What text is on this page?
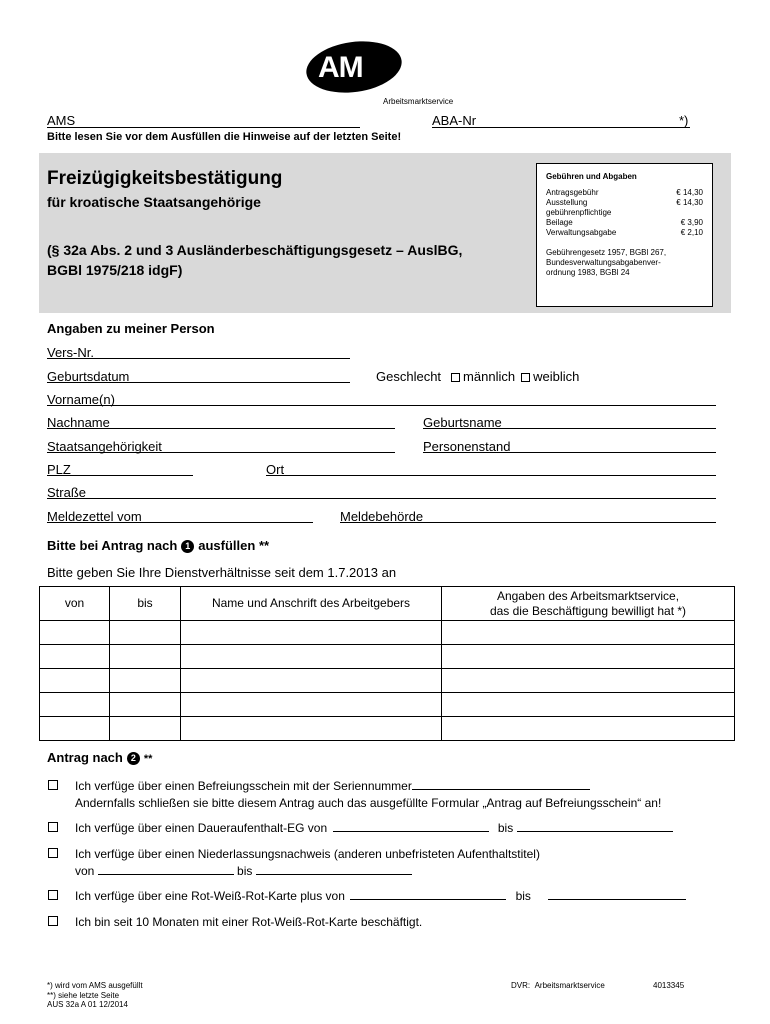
AMS
Arbeitsmarktservice
AMS	ABA-Nr	*)
Bitte lesen Sie vor dem Ausfüllen die Hinweise auf der letzten Seite!
Freizügigkeitsbestätigung
für kroatische Staatsangehörige
(§ 32a Abs. 2 und 3 Ausländerbeschäftigungsgesetz – AuslBG,
BGBl 1975/218 idgF)
Gebühren und Abgaben
Antragsgebühr	€ 14,30
Ausstellung	€ 14,30
gebührenpflichtige
Beilage	€ 3,90
Verwaltungsabgabe	€ 2,10
Gebührengesetz 1957, BGBl 267,
Bundesverwaltungsabgabenver-
ordnung 1983, BGBl 24
Angaben zu meiner Person
Vers-Nr.
Geburtsdatum	Geschlecht männlich weiblich
Vorname(n)
Nachname	Geburtsname
Staatsangehörigkeit	Personenstand
PLZ	Ort
Straße
Meldezettel vom	Meldebehörde
Bitte bei Antrag nach 1 ausfüllen **
Bitte geben Sie Ihre Dienstverhältnisse seit dem 1.7.2013 an
von	bis	Name und Anschrift des Arbeitgebers	Angaben des Arbeitsmarktservice,
das die Beschäftigung bewilligt hat *)

Antrag nach 2 **
Ich verfüge über einen Befreiungsschein mit der Seriennummer
Andernfalls schließen sie bitte diesem Antrag auch das ausgefüllte Formular „Antrag auf Befreiungsschein“ an!
Ich verfüge über einen Daueraufenthalt-EG von	bis
Ich verfüge über einen Niederlassungsnachweis (anderen unbefristeten Aufenthaltstitel)
von	bis
Ich verfüge über eine Rot-Weiß-Rot-Karte plus von	bis
Ich bin seit 10 Monaten mit einer Rot-Weiß-Rot-Karte beschäftigt.
*) wird vom AMS ausgefüllt
**) siehe letzte Seite
AUS 32a A 01 12/2014
DVR: Arbeitsmarktservice	4013345
